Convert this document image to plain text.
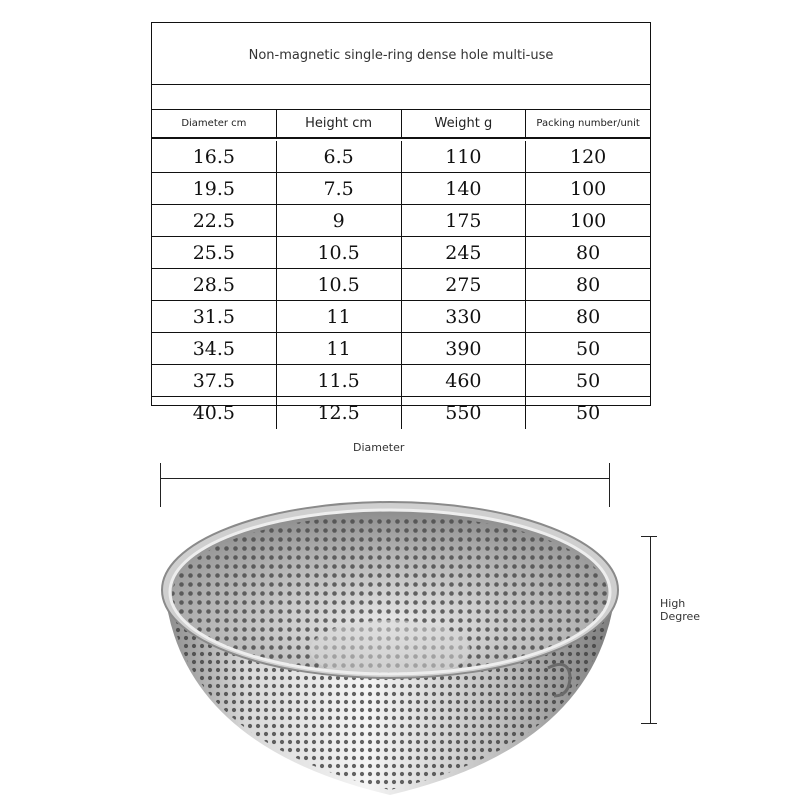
Non-magnetic single-ring dense hole multi-use
Diameter cm	Height cm	Weight g	Packing number/unit
16.5	6.5	110	120
19.5	7.5	140	100
22.5	9	175	100
25.5	10.5	245	80
28.5	10.5	275	80
31.5	11	330	80
34.5	11	390	50
37.5	11.5	460	50
40.5	12.5	550	50
Diameter
High Degree
